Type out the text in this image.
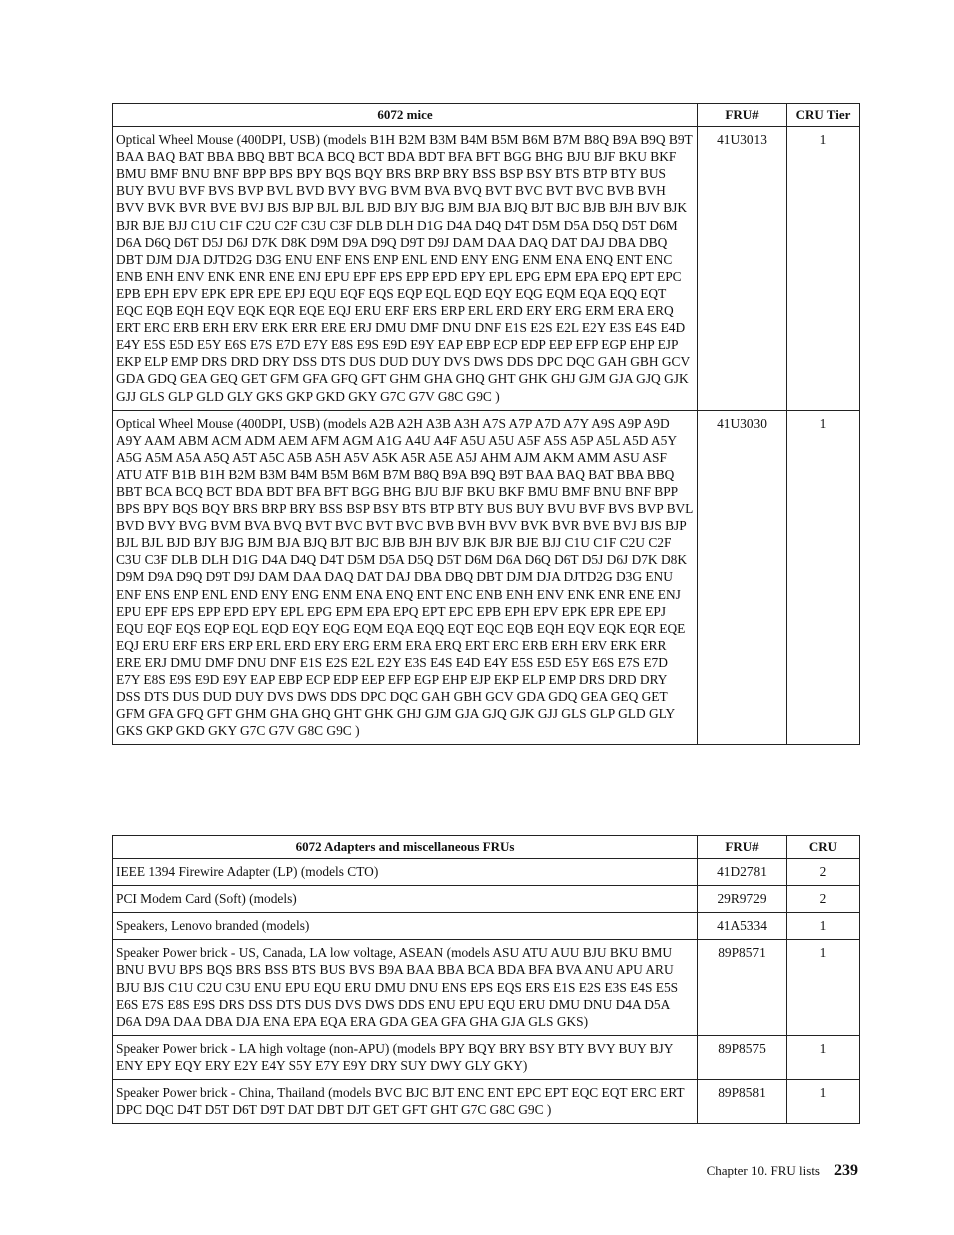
6072 mice	FRU#	CRU Tier
Optical Wheel Mouse (400DPI, USB) (models B1H B2M B3M B4M B5M B6M B7M B8Q B9A B9Q B9T BAA BAQ BAT BBA BBQ BBT BCA BCQ BCT BDA BDT BFA BFT BGG BHG BJU BJF BKU BKF BMU BMF BNU BNF BPP BPS BPY BQS BQY BRS BRP BRY BSS BSP BSY BTS BTP BTY BUS BUY BVU BVF BVS BVP BVL BVD BVY BVG BVM BVA BVQ BVT BVC BVT BVC BVB BVH BVV BVK BVR BVE BVJ BJS BJP BJL BJL BJD BJY BJG BJM BJA BJQ BJT BJC BJB BJH BJV BJK BJR BJE BJJ C1U C1F C2U C2F C3U C3F DLB DLH D1G D4A D4Q D4T D5M D5A D5Q D5T D6M D6A D6Q D6T D5J D6J D7K D8K D9M D9A D9Q D9T D9J DAM DAA DAQ DAT DAJ DBA DBQ DBT DJM DJA DJTD2G D3G ENU ENF ENS ENP ENL END ENY ENG ENM ENA ENQ ENT ENC ENB ENH ENV ENK ENR ENE ENJ EPU EPF EPS EPP EPD EPY EPL EPG EPM EPA EPQ EPT EPC EPB EPH EPV EPK EPR EPE EPJ EQU EQF EQS EQP EQL EQD EQY EQG EQM EQA EQQ EQT EQC EQB EQH EQV EQK EQR EQE EQJ ERU ERF ERS ERP ERL ERD ERY ERG ERM ERA ERQ ERT ERC ERB ERH ERV ERK ERR ERE ERJ DMU DMF DNU DNF E1S E2S E2L E2Y E3S E4S E4D E4Y E5S E5D E5Y E6S E7S E7D E7Y E8S E9S E9D E9Y EAP EBP ECP EDP EEP EFP EGP EHP EJP EKP ELP EMP DRS DRD DRY DSS DTS DUS DUD DUY DVS DWS DDS DPC DQC GAH GBH GCV GDA GDQ GEA GEQ GET GFM GFA GFQ GFT GHM GHA GHQ GHT GHK GHJ GJM GJA GJQ GJK GJJ GLS GLP GLD GLY GKS GKP GKD GKY G7C G7V G8C G9C )	41U3013	1
Optical Wheel Mouse (400DPI, USB) (models A2B A2H A3B A3H A7S A7P A7D A7Y A9S A9P A9D A9Y AAM ABM ACM ADM AEM AFM AGM A1G A4U A4F A5U A5U A5F A5S A5P A5L A5D A5Y A5G A5M A5A A5Q A5T A5C A5B A5H A5V A5K A5R A5E A5J AHM AJM AKM AMM ASU ASF ATU ATF B1B B1H B2M B3M B4M B5M B6M B7M B8Q B9A B9Q B9T BAA BAQ BAT BBA BBQ BBT BCA BCQ BCT BDA BDT BFA BFT BGG BHG BJU BJF BKU BKF BMU BMF BNU BNF BPP BPS BPY BQS BQY BRS BRP BRY BSS BSP BSY BTS BTP BTY BUS BUY BVU BVF BVS BVP BVL BVD BVY BVG BVM BVA BVQ BVT BVC BVT BVC BVB BVH BVV BVK BVR BVE BVJ BJS BJP BJL BJL BJD BJY BJG BJM BJA BJQ BJT BJC BJB BJH BJV BJK BJR BJE BJJ C1U C1F C2U C2F C3U C3F DLB DLH D1G D4A D4Q D4T D5M D5A D5Q D5T D6M D6A D6Q D6T D5J D6J D7K D8K D9M D9A D9Q D9T D9J DAM DAA DAQ DAT DAJ DBA DBQ DBT DJM DJA DJTD2G D3G ENU ENF ENS ENP ENL END ENY ENG ENM ENA ENQ ENT ENC ENB ENH ENV ENK ENR ENE ENJ EPU EPF EPS EPP EPD EPY EPL EPG EPM EPA EPQ EPT EPC EPB EPH EPV EPK EPR EPE EPJ EQU EQF EQS EQP EQL EQD EQY EQG EQM EQA EQQ EQT EQC EQB EQH EQV EQK EQR EQE EQJ ERU ERF ERS ERP ERL ERD ERY ERG ERM ERA ERQ ERT ERC ERB ERH ERV ERK ERR ERE ERJ DMU DMF DNU DNF E1S E2S E2L E2Y E3S E4S E4D E4Y E5S E5D E5Y E6S E7S E7D E7Y E8S E9S E9D E9Y EAP EBP ECP EDP EEP EFP EGP EHP EJP EKP ELP EMP DRS DRD DRY DSS DTS DUS DUD DUY DVS DWS DDS DPC DQC GAH GBH GCV GDA GDQ GEA GEQ GET GFM GFA GFQ GFT GHM GHA GHQ GHT GHK GHJ GJM GJA GJQ GJK GJJ GLS GLP GLD GLY GKS GKP GKD GKY G7C G7V G8C G9C )	41U3030	1
6072 Adapters and miscellaneous FRUs	FRU#	CRU
IEEE 1394 Firewire Adapter (LP) (models CTO)	41D2781	2
PCI Modem Card (Soft) (models)	29R9729	2
Speakers, Lenovo branded (models)	41A5334	1
Speaker Power brick - US, Canada, LA low voltage, ASEAN (models ASU ATU AUU BJU BKU BMU BNU BVU BPS BQS BRS BSS BTS BUS BVS B9A BAA BBA BCA BDA BFA BVA ANU APU ARU BJU BJS C1U C2U C3U ENU EPU EQU ERU DMU DNU ENS EPS EQS ERS E1S E2S E3S E4S E5S E6S E7S E8S E9S DRS DSS DTS DUS DVS DWS DDS ENU EPU EQU ERU DMU DNU D4A D5A D6A D9A DAA DBA DJA ENA EPA EQA ERA GDA GEA GFA GHA GJA GLS GKS)	89P8571	1
Speaker Power brick - LA high voltage (non-APU) (models BPY BQY BRY BSY BTY BVY BUY BJY ENY EPY EQY ERY E2Y E4Y S5Y E7Y E9Y DRY SUY DWY GLY GKY)	89P8575	1
Speaker Power brick - China, Thailand (models BVC BJC BJT ENC ENT EPC EPT EQC EQT ERC ERT DPC DQC D4T D5T D6T D9T DAT DBT DJT GET GFT GHT G7C G8C G9C )	89P8581	1
Chapter 10. FRU lists 239
